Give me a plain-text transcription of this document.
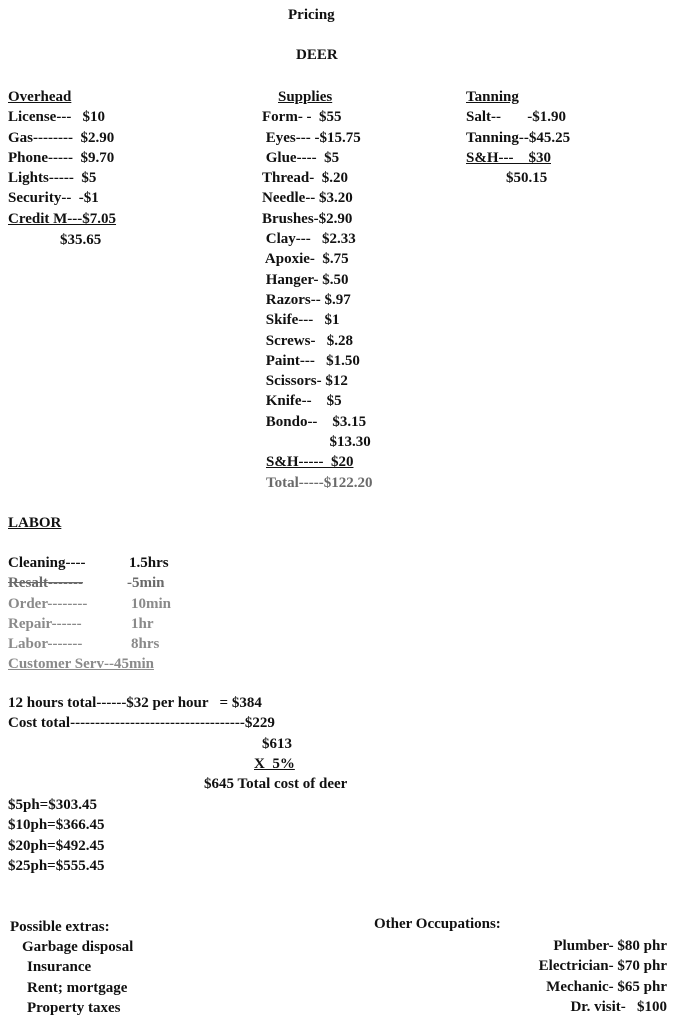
Pricing
DEER
Overhead
License---   $10
Gas--------  $2.90
Phone-----  $9.70
Lights-----  $5
Security--  -$1
Credit M---$7.05
$35.65
Supplies
Form- -  $55
Eyes--- -$15.75
Glue----  $5
Thread-  $.20
Needle-- $3.20
Brushes-$2.90
Clay---   $2.33
Apoxie-  $.75
Hanger- $.50
Razors-- $.97
Skife---   $1
Screws-   $.28
Paint---   $1.50
Scissors- $12
Knife--    $5
Bondo--    $3.15
$13.30
S&H-----  $20
Total-----$122.20
Tanning
Salt--       -$1.90
Tanning--$45.25
S&H---    $30
$50.15
LABOR
Cleaning----	1.5hrs
Resalt-------	-5min
Order--------	10min
Repair------	1hr
Labor-------	8hrs
Customer Serv--45min
12 hours total------$32 per hour   = $384
Cost total-----------------------------------$229
$613
X  5%
$645 Total cost of deer
$5ph=$303.45
$10ph=$366.45
$20ph=$492.45
$25ph=$555.45
Possible extras:
Garbage disposal
Insurance
Rent; mortgage
Property taxes
Other Occupations:
Plumber- $80 phr
Electrician- $70 phr
Mechanic- $65 phr
Dr. visit-   $100
